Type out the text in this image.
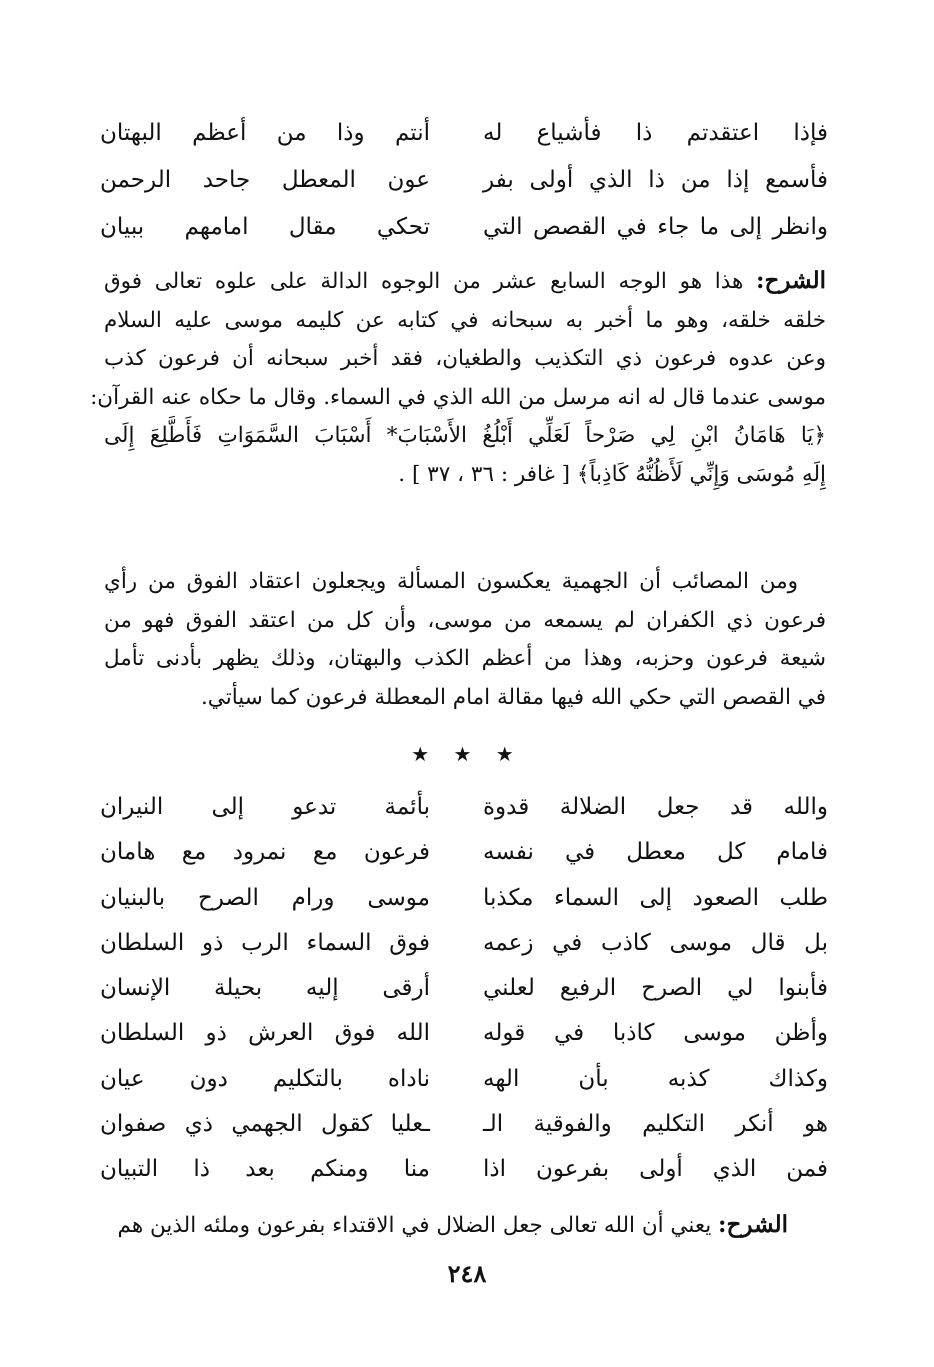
فإذا اعتقدتم ذا فأشياع له
أنتم وذا من أعظم البهتان
فأسمع إذا من ذا الذي أولى بفر
عون المعطل جاحد الرحمن
وانظر إلى ما جاء في القصص التي
تحكي مقال امامهم ببيان
الشرح: هذا هو الوجه السابع عشر من الوجوه الدالة على علوه تعالى فوق
خلقه خلقه، وهو ما أخبر به سبحانه في كتابه عن كليمه موسى عليه السلام
وعن عدوه فرعون ذي التكذيب والطغيان، فقد أخبر سبحانه أن فرعون كذب
موسى عندما قال له انه مرسل من الله الذي في السماء. وقال ما حكاه عنه القرآن:
﴿يَا هَامَانُ ابْنِ لِي صَرْحاً لَعَلِّي أَبْلُغُ الأَسْبَابَ* أَسْبَابَ السَّمَوَاتِ فَأَطَّلِعَ إِلَى
إِلَهِ مُوسَى وَإِنِّي لَأَظُنُّهُ كَاذِباً﴾ [ غافر : ٣٦ ، ٣٧ ] .
ومن المصائب أن الجهمية يعكسون المسألة ويجعلون اعتقاد الفوق من رأي
فرعون ذي الكفران لم يسمعه من موسى، وأن كل من اعتقد الفوق فهو من
شيعة فرعون وحزبه، وهذا من أعظم الكذب والبهتان، وذلك يظهر بأدنى تأمل
في القصص التي حكي الله فيها مقالة امام المعطلة فرعون كما سيأتي.
★ ★ ★
والله قد جعل الضلالة قدوة
بأئمة تدعو إلى النيران
فامام كل معطل في نفسه
فرعون مع نمرود مع هامان
طلب الصعود إلى السماء مكذبا
موسى ورام الصرح بالبنيان
بل قال موسى كاذب في زعمه
فوق السماء الرب ذو السلطان
فأبنوا لي الصرح الرفيع لعلني
أرقى إليه بحيلة الإنسان
وأظن موسى كاذبا في قوله
الله فوق العرش ذو السلطان
وكذاك كذبه بأن الهه
ناداه بالتكليم دون عيان
هو أنكر التكليم والفوقية الـ
ـعليا كقول الجهمي ذي صفوان
فمن الذي أولى بفرعون اذا
منا ومنكم بعد ذا التبيان
الشرح: يعني أن الله تعالى جعل الضلال في الاقتداء بفرعون وملئه الذين هم
٢٤٨
